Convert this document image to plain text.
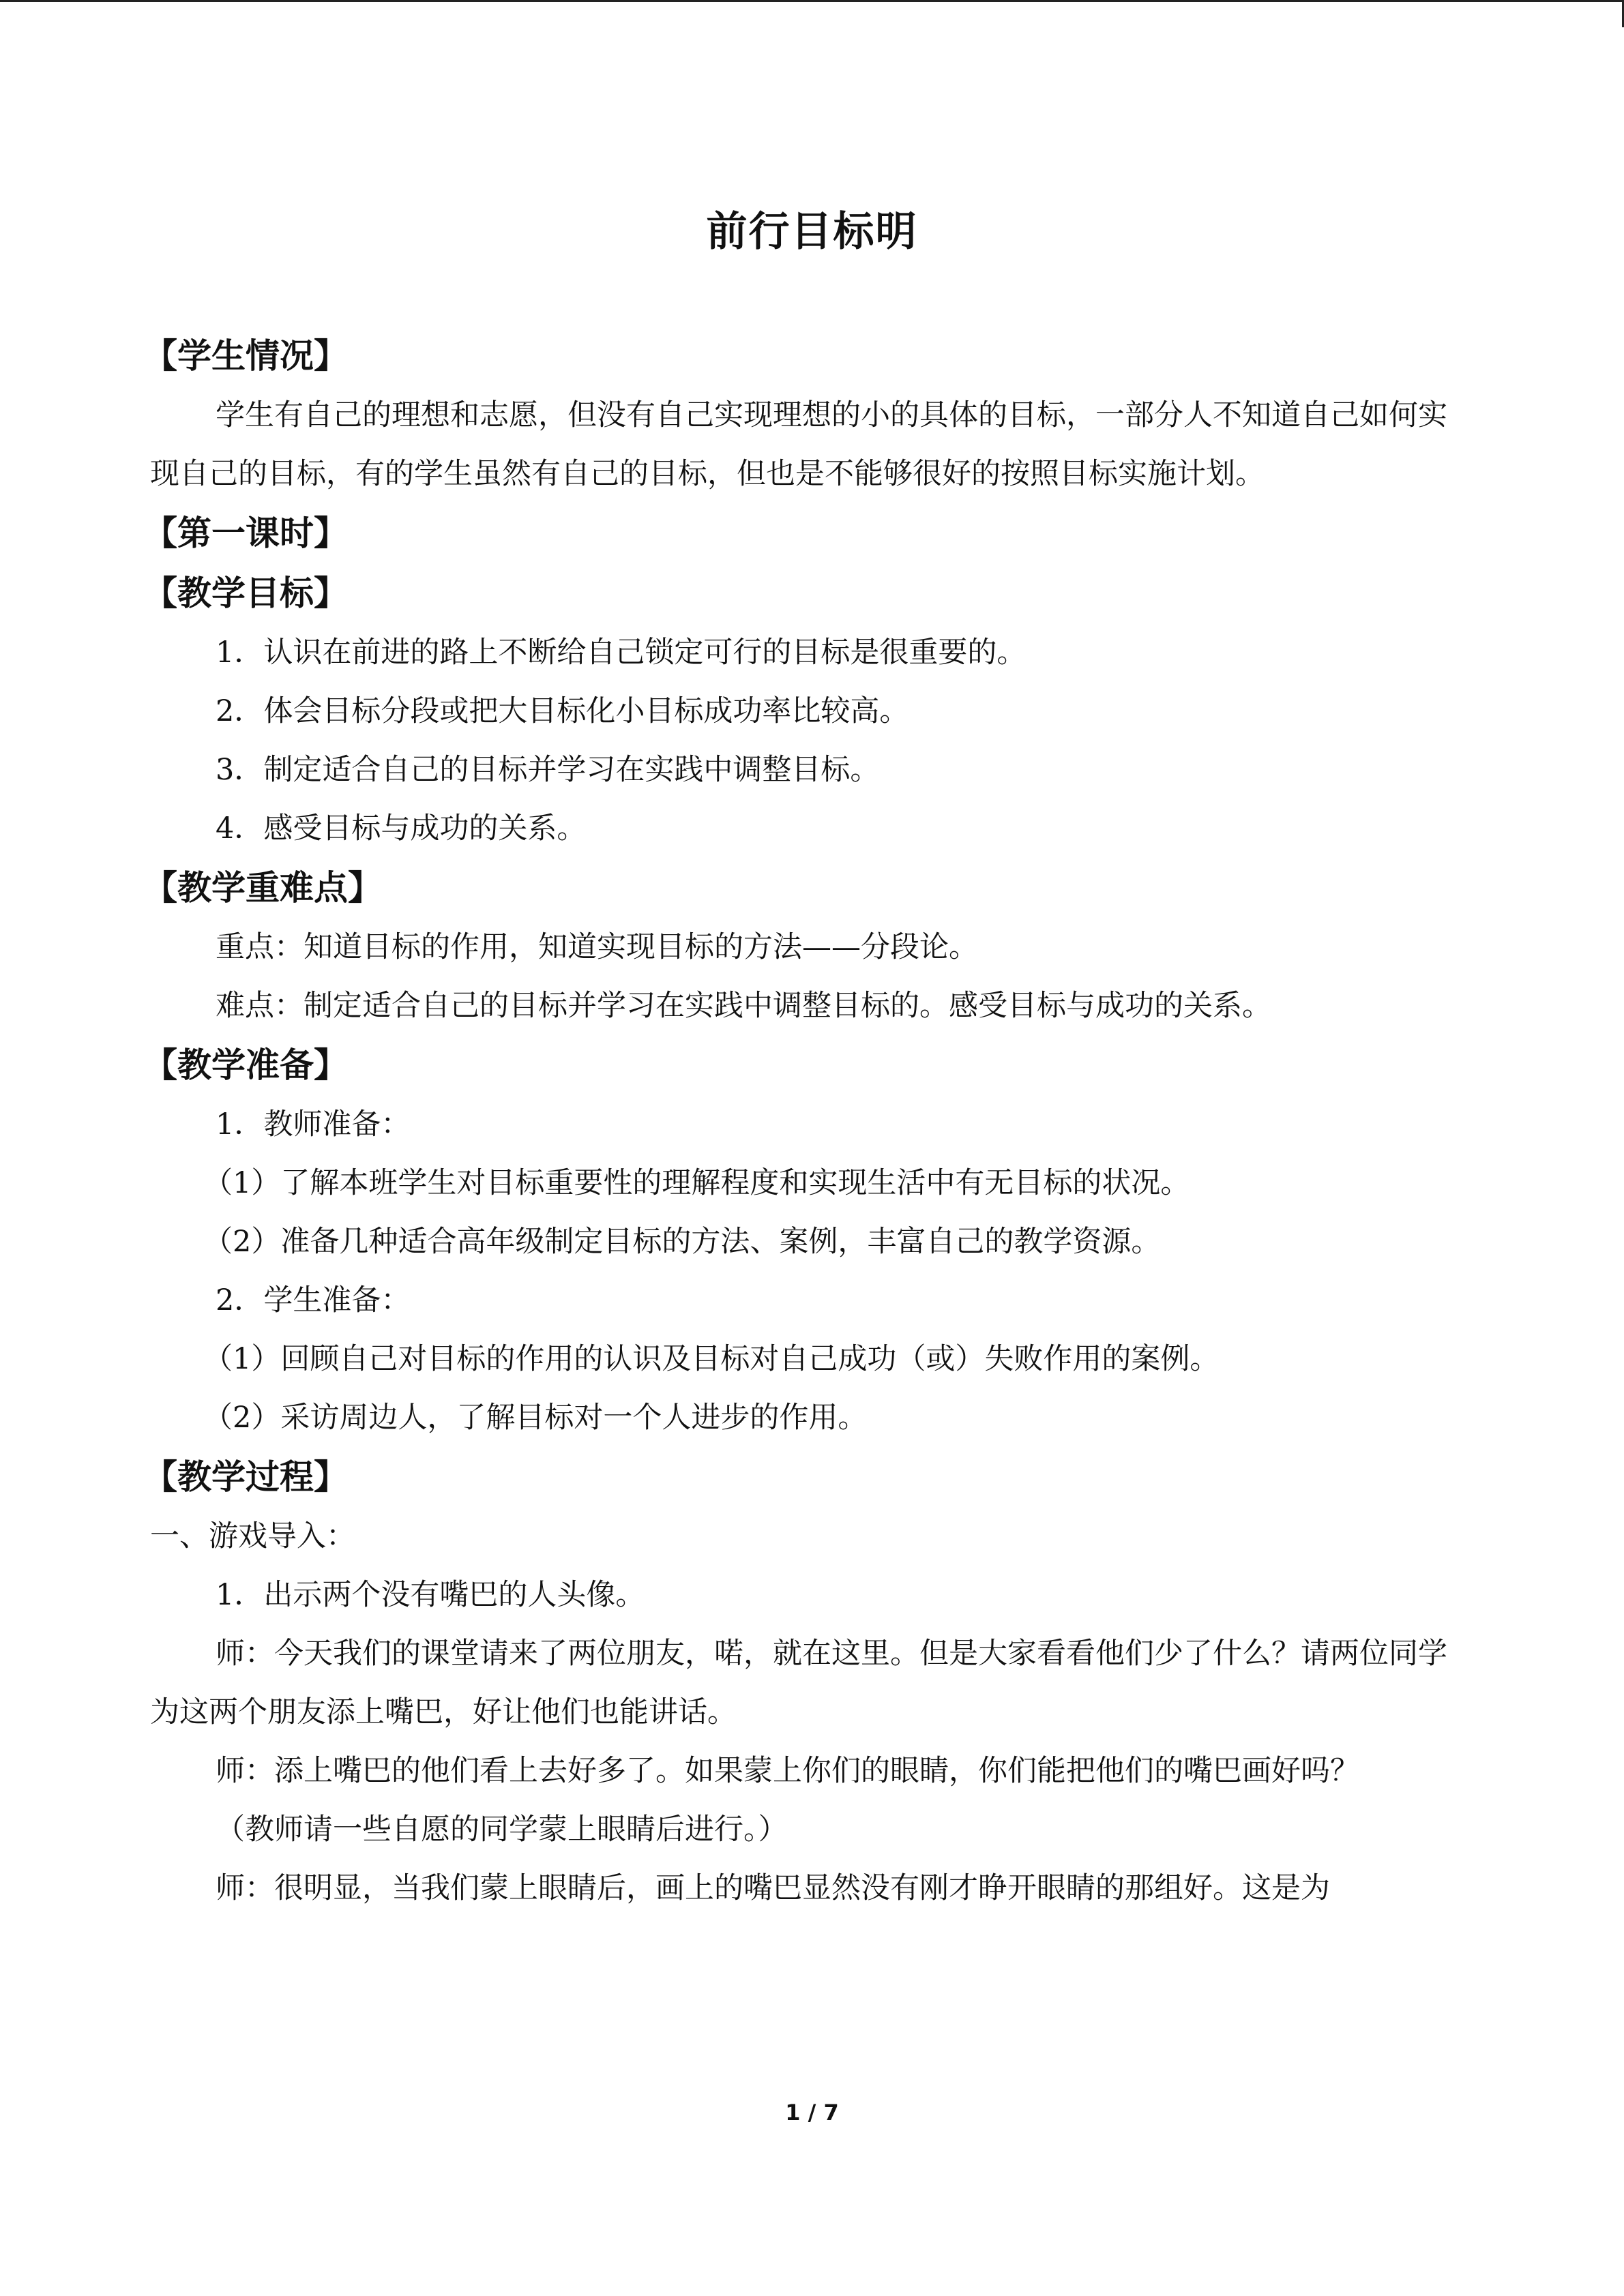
前行目标明
【学生情况】

学生有自己的理想和志愿，但没有自己实现理想的小的具体的目标，一部分人不知道自己如何实现自己的目标，有的学生虽然有自己的目标，但也是不能够很好的按照目标实施计划。

【第一课时】
【教学目标】

1．认识在前进的路上不断给自己锁定可行的目标是很重要的。

2．体会目标分段或把大目标化小目标成功率比较高。

3．制定适合自己的目标并学习在实践中调整目标。

4．感受目标与成功的关系。

【教学重难点】

重点：知道目标的作用，知道实现目标的方法——分段论。

难点：制定适合自己的目标并学习在实践中调整目标的。感受目标与成功的关系。

【教学准备】

1．教师准备：

（1）了解本班学生对目标重要性的理解程度和实现生活中有无目标的状况。

（2）准备几种适合高年级制定目标的方法、案例，丰富自己的教学资源。

2．学生准备：

（1）回顾自己对目标的作用的认识及目标对自己成功（或）失败作用的案例。

（2）采访周边人，了解目标对一个人进步的作用。

【教学过程】

一、游戏导入：

1．出示两个没有嘴巴的人头像。

师：今天我们的课堂请来了两位朋友，喏，就在这里。但是大家看看他们少了什么？请两位同学为这两个朋友添上嘴巴，好让他们也能讲话。

师：添上嘴巴的他们看上去好多了。如果蒙上你们的眼睛，你们能把他们的嘴巴画好吗？

（教师请一些自愿的同学蒙上眼睛后进行。）

师：很明显，当我们蒙上眼睛后，画上的嘴巴显然没有刚才睁开眼睛的那组好。这是为

1 / 7
